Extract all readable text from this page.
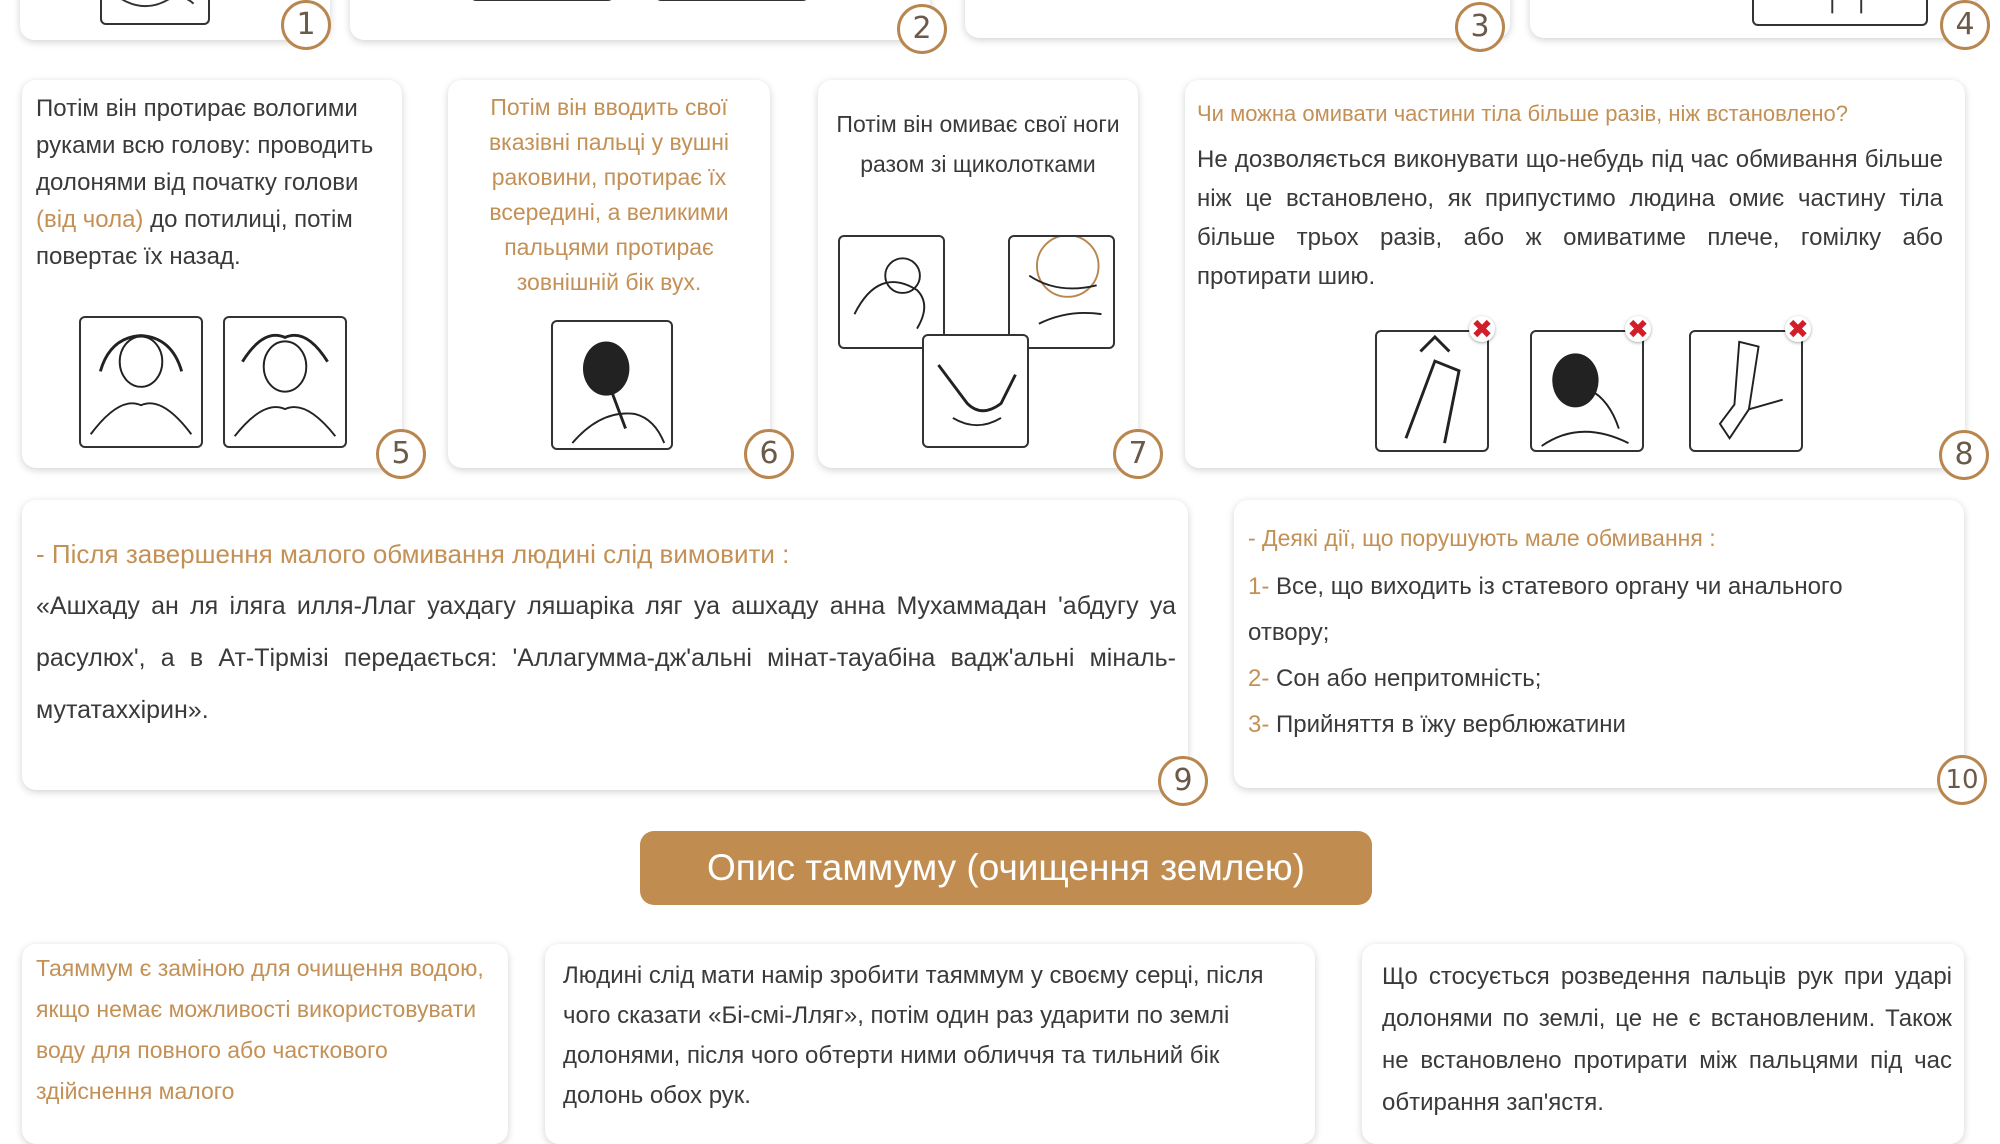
1	2	3	4
Потім він протирає вологими руками всю голову: проводить долонями від початку голови (від чола) до потилиці, потім повертає їх назад.
5
Потім він вводить свої вказівні пальці у вушні раковини, протирає їх всередині, а великими пальцями протирає зовнішній бік вух.
6
Потім він омиває свої ноги разом зі щиколотками
7
Чи можна омивати частини тіла більше разів, ніж встановлено?
Не дозволяється виконувати що-небудь під час обмивання більше ніж це встановлено, як припустимо людина омиє частину тіла більше трьох разів, або ж омиватиме плече, гомілку або протирати шию.
✖	✖	✖
8
- Після завершення малого обмивання людині слід вимовити :
«Ашхаду ан ля іляга илля-Ллаг уахдагу ляшаріка ляг уа ашхаду анна Мухаммадан 'абдугу уа расулюх', а в Ат-Тірмізі передається: 'Аллагумма-дж'альні мінат-тауабіна вадж'альні міналь-мутатаххірин».
9
- Деякі дії, що порушують мале обмивання :
1- Все, що виходить із статевого органу чи анального отвору;
2- Сон або непритомність;
3- Прийняття в їжу верблюжатини
10
Опис таммуму (очищення землею)
Таяммум є заміною для очищення водою, якщо немає можливості використовувати воду для повного або часткового здійснення малого
Людині слід мати намір зробити таяммум у своєму серці, після чого сказати «Бі-смі-Лляг», потім один раз ударити по землі долонями, після чого обтерти ними обличчя та тильний бік долонь обох рук.
Що стосується розведення пальців рук при ударі долонями по землі, це не є встановленим. Також не встановлено протирати між пальцями під час обтирання зап'ястя.
